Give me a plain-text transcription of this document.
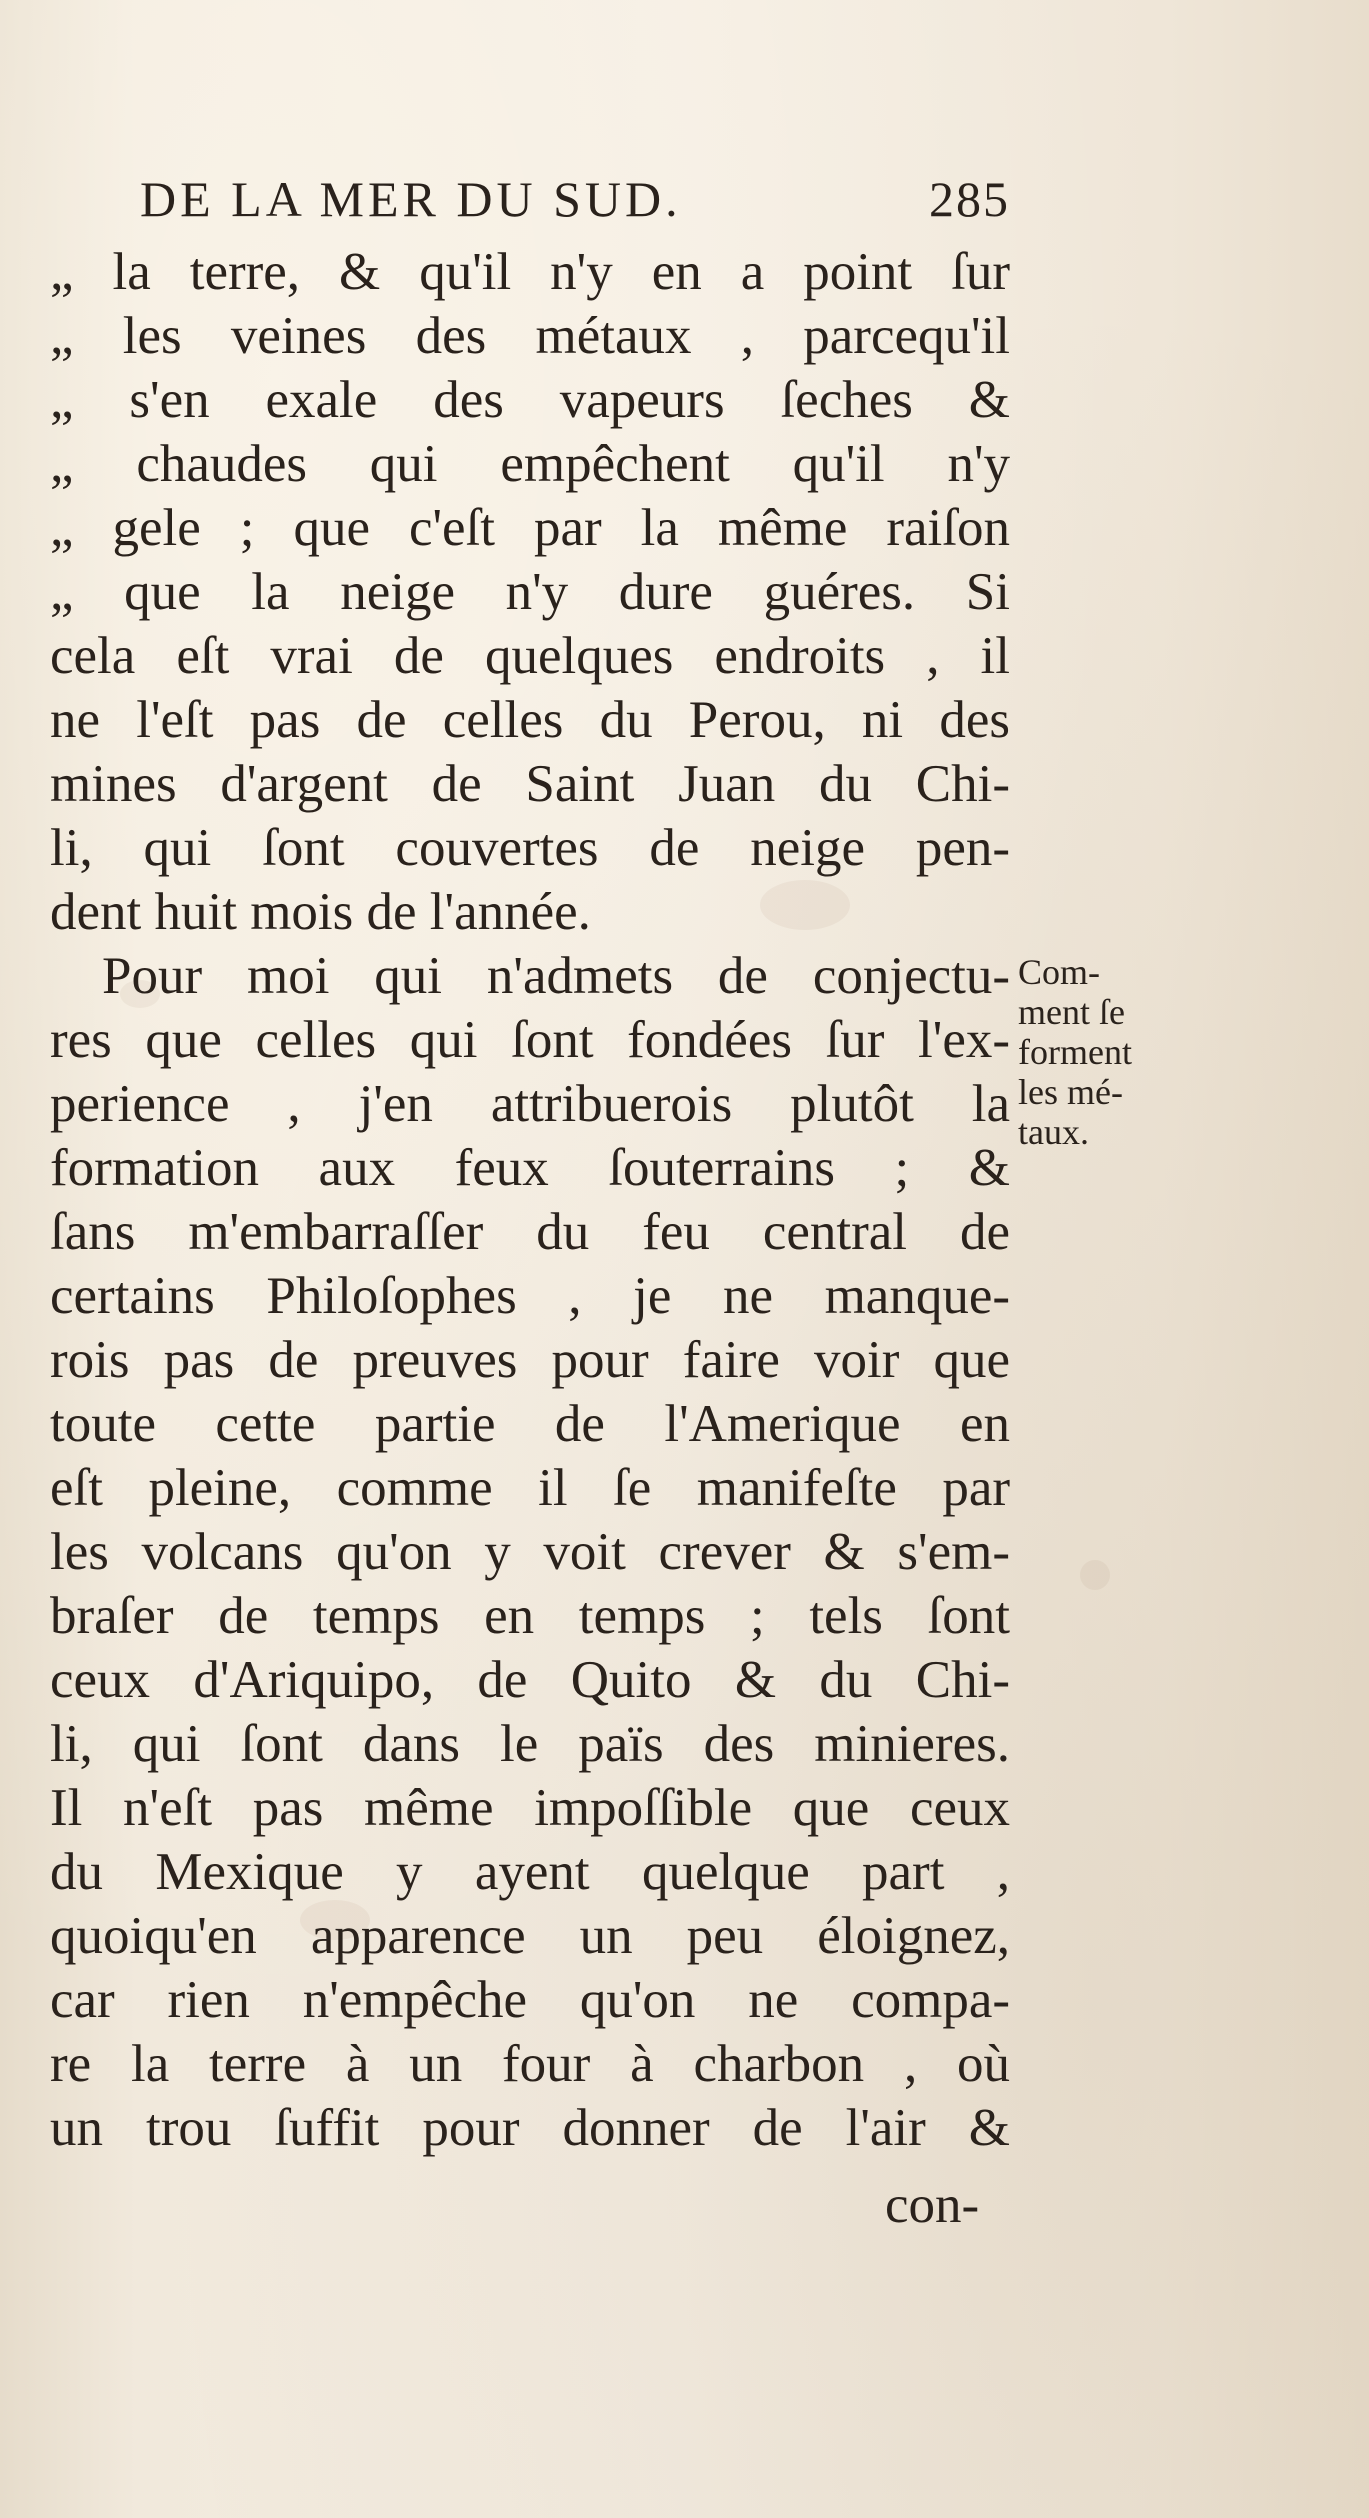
DE LA MER DU SUD.	285
„ la terre, & qu'il n'y en a point ſur
„ les veines des métaux , parcequ'il
„ s'en exale des vapeurs ſeches &
„ chaudes qui empêchent qu'il n'y
„ gele ; que c'eſt par la même raiſon
„ que la neige n'y dure guéres. Si
cela eſt vrai de quelques endroits , il
ne l'eſt pas de celles du Perou, ni des
mines d'argent de Saint Juan du Chi-
li, qui ſont couvertes de neige pen-
dent huit mois de l'année.
Pour moi qui n'admets de conjectu-
res que celles qui ſont fondées ſur l'ex-
perience , j'en attribuerois plutôt la
formation aux feux ſouterrains ; &
ſans m'embarraſſer du feu central de
certains Philoſophes , je ne manque-
rois pas de preuves pour faire voir que
toute cette partie de l'Amerique en
eſt pleine, comme il ſe manifeſte par
les volcans qu'on y voit crever & s'em-
braſer de temps en temps ; tels ſont
ceux d'Ariquipo, de Quito & du Chi-
li, qui ſont dans le païs des minieres.
Il n'eſt pas même impoſſible que ceux
du Mexique y ayent quelque part ,
quoiqu'en apparence un peu éloignez,
car rien n'empêche qu'on ne compa-
re la terre à un four à charbon , où
un trou ſuffit pour donner de l'air &
Com-
ment ſe
forment
les mé-
taux.
con-
